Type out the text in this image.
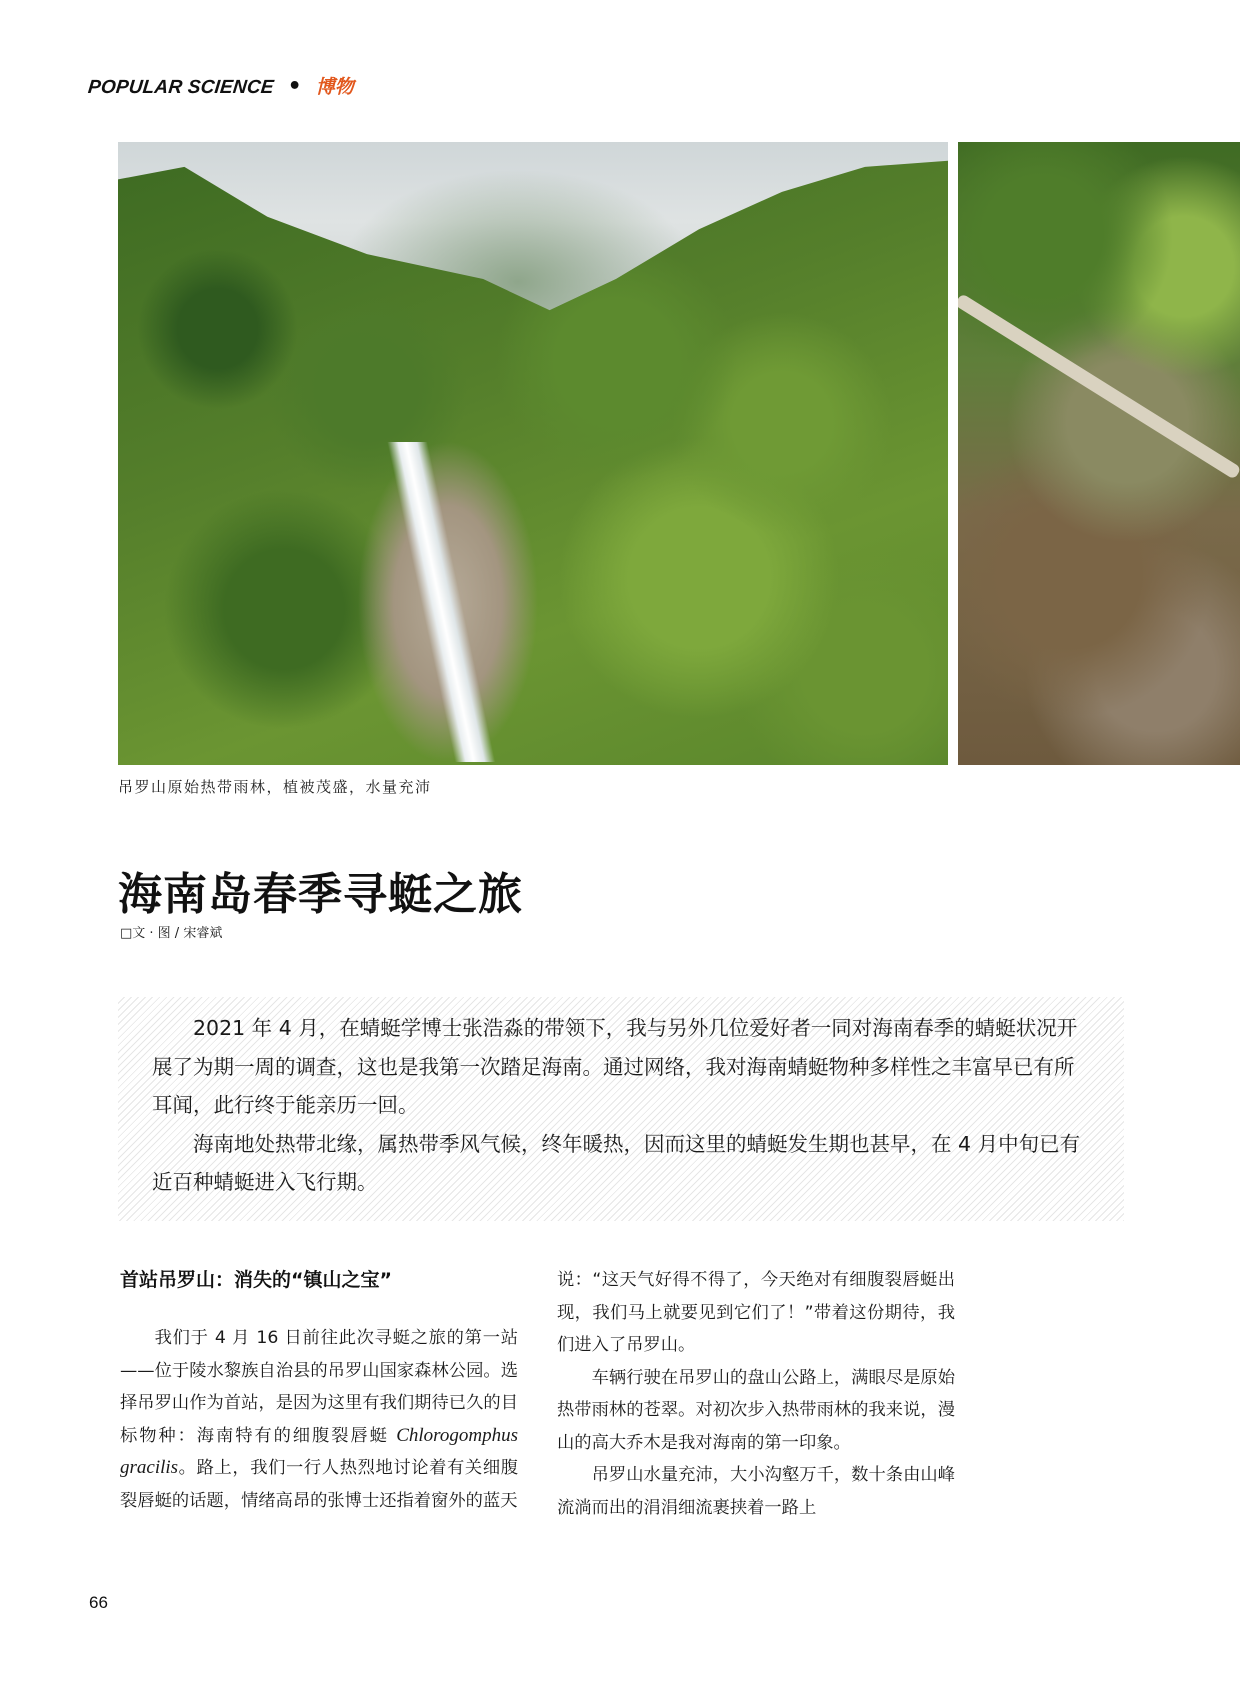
POPULAR SCIENCE • 博物
吊罗山原始热带雨林，植被茂盛，水量充沛
海南岛春季寻蜓之旅
□文 · 图 / 宋睿斌

2021 年 4 月，在蜻蜓学博士张浩淼的带领下，我与另外几位爱好者一同对海南春季的蜻蜓状况开展了为期一周的调查，这也是我第一次踏足海南。通过网络，我对海南蜻蜓物种多样性之丰富早已有所耳闻，此行终于能亲历一回。

海南地处热带北缘，属热带季风气候，终年暖热，因而这里的蜻蜓发生期也甚早，在 4 月中旬已有近百种蜻蜓进入飞行期。

首站吊罗山：消失的“镇山之宝”

我们于 4 月 16 日前往此次寻蜓之旅的第一站——位于陵水黎族自治县的吊罗山国家森林公园。选择吊罗山作为首站，是因为这里有我们期待已久的目标物种：海南特有的细腹裂唇蜓 Chlorogomphus gracilis。路上，我们一行人热烈地讨论着有关细腹裂唇蜓的话题，情绪高昂的张博士还指着窗外的蓝天

说：“这天气好得不得了，今天绝对有细腹裂唇蜓出现，我们马上就要见到它们了！”带着这份期待，我们进入了吊罗山。

车辆行驶在吊罗山的盘山公路上，满眼尽是原始热带雨林的苍翠。对初次步入热带雨林的我来说，漫山的高大乔木是我对海南的第一印象。

吊罗山水量充沛，大小沟壑万千，数十条由山峰流淌而出的涓涓细流裹挟着一路上

66
